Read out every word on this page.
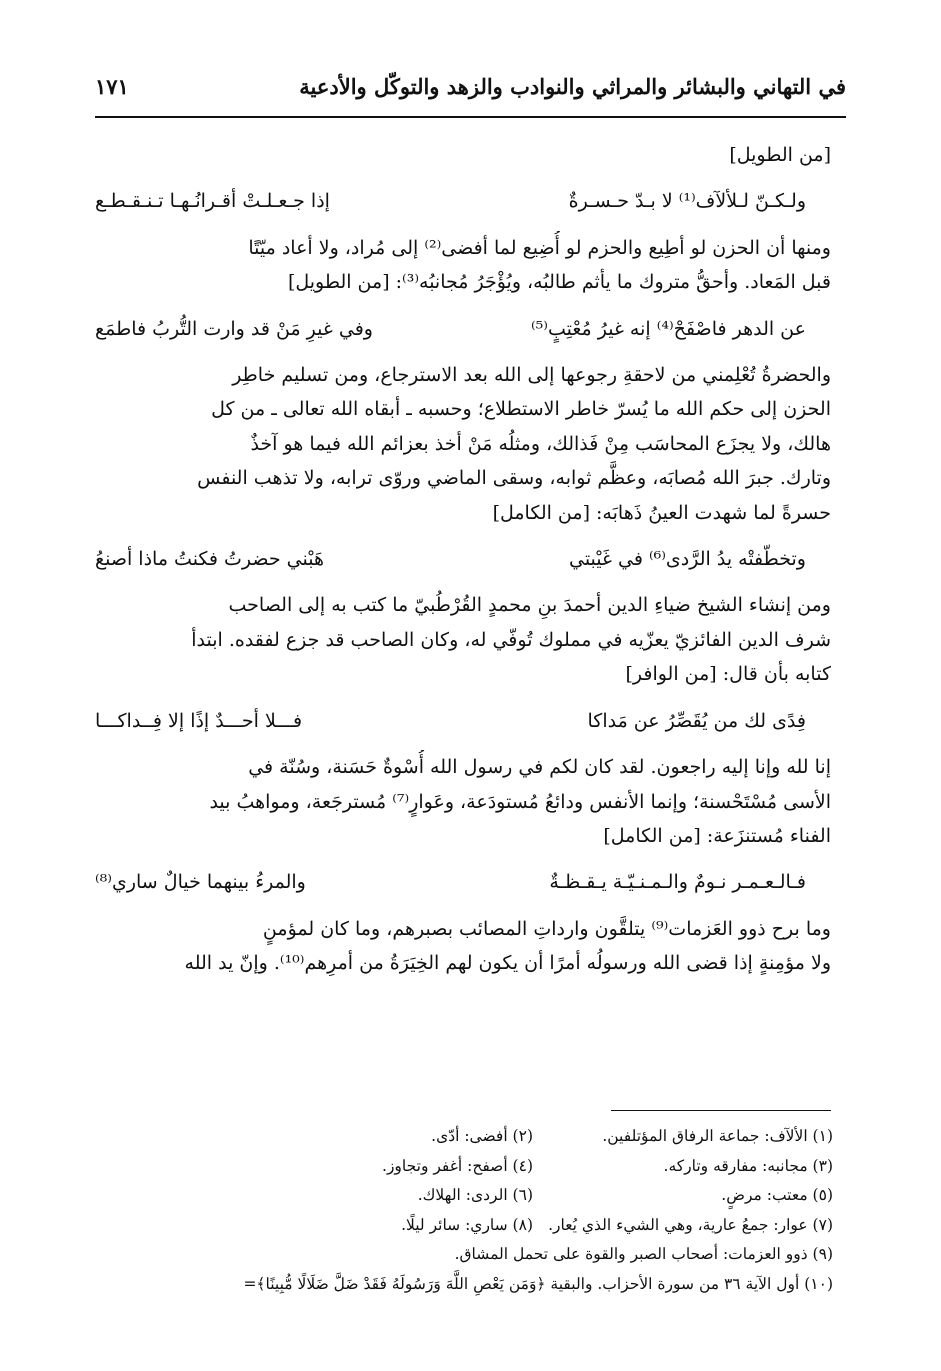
في التهاني والبشائر والمراثي والنوادب والزهد والتوكّل والأدعية
١٧١
[من الطويل]
ولـكـنّ لـلألآف⁽¹⁾ لا بـدّ حـسـرةٌ
إذا جـعـلـتْ أقـرانُـهـا تـنـقـطـع
ومنها أن الحزن لو أطِيع والحزم لو أُضِيع لما أفضى⁽²⁾ إلى مُراد، ولا أعاد ميّتًا
قبل المَعاد. وأحقُّ متروك ما يأثم طالبُه، ويُؤْجَرُ مُجانبُه⁽³⁾: [من الطويل]
عن الدهر فاصْفَحْ⁽⁴⁾ إنه غيرُ مُعْتِبٍ⁽⁵⁾
وفي غيرِ مَنْ قد وارت التُّربُ فاطمَع
والحضرةُ تُعْلِمني من لاحقةِ رجوعها إلى الله بعد الاسترجاع، ومن تسليم خاطِر
الحزن إلى حكم الله ما يُسرّ خاطر الاستطلاع؛ وحسبه ـ أبقاه الله تعالى ـ من كل
هالك، ولا يجزَع المحاسَب مِنْ فَذالك، ومثلُه مَنْ أخذ بعزائم الله فيما هو آخذٌ
وتارك. جبرَ الله مُصابَه، وعظَّم ثوابه، وسقى الماضي وروّى ترابه، ولا تذهب النفس
حسرةً لما شهدت العينُ ذَهابَه: [من الكامل]
وتخطّفتْه يدُ الرَّدى⁽⁶⁾ في غَيْبتي
هَبْني حضرتُ فكنتُ ماذا أصنعُ
ومن إنشاء الشيخ ضياءِ الدين أحمدَ بنِ محمدٍ القُرْطُبيّ ما كتب به إلى الصاحب
شرف الدين الفائزيّ يعزّيه في مملوك تُوفّي له، وكان الصاحب قد جزع لفقده. ابتدأ
كتابه بأن قال: [من الوافر]
فِدًى لك من يُقَصِّرُ عن مَداكا
فـــلا أحـــدٌ إذًا إلا فِــداكـــا
إنا لله وإنا إليه راجعون. لقد كان لكم في رسول الله أُسْوةٌ حَسَنة، وسُنّة في
الأسى مُسْتَحْسنة؛ وإنما الأنفس ودائعُ مُستودَعة، وعَوارٍ⁽⁷⁾ مُسترجَعة، ومواهبُ بيد
الفناء مُستنزَعة: [من الكامل]
فـالـعـمـر نـومٌ والـمـنـيّـة يـقـظـةٌ
والمرءُ بينهما خيالٌ ساري⁽⁸⁾
وما برح ذوو العَزمات⁽⁹⁾ يتلقَّون وارداتِ المصائب بصبرهم، وما كان لمؤمنٍ
ولا مؤمِنةٍ إذا قضى الله ورسولُه أمرًا أن يكون لهم الخِيَرَةُ من أمرِهم⁽¹⁰⁾. وإنّ يد الله
(١) الألآف: جماعة الرفاق المؤتلفين.
(٢) أفضى: أدّى.
(٣) مجانبه: مفارقه وتاركه.
(٤) أصفح: أغفر وتجاوز.
(٥) معتب: مرضٍ.
(٦) الردى: الهلاك.
(٧) عوار: جمعُ عارية، وهي الشيء الذي يُعار.
(٨) ساري: سائر ليلًا.
(٩) ذوو العزمات: أصحاب الصبر والقوة على تحمل المشاق.
(١٠) أول الآية ٣٦ من سورة الأحزاب. والبقية ﴿وَمَن يَعْصِ اللَّهَ وَرَسُولَهُ فَقَدْ ضَلَّ ضَلَالًا مُّبِينًا﴾=
